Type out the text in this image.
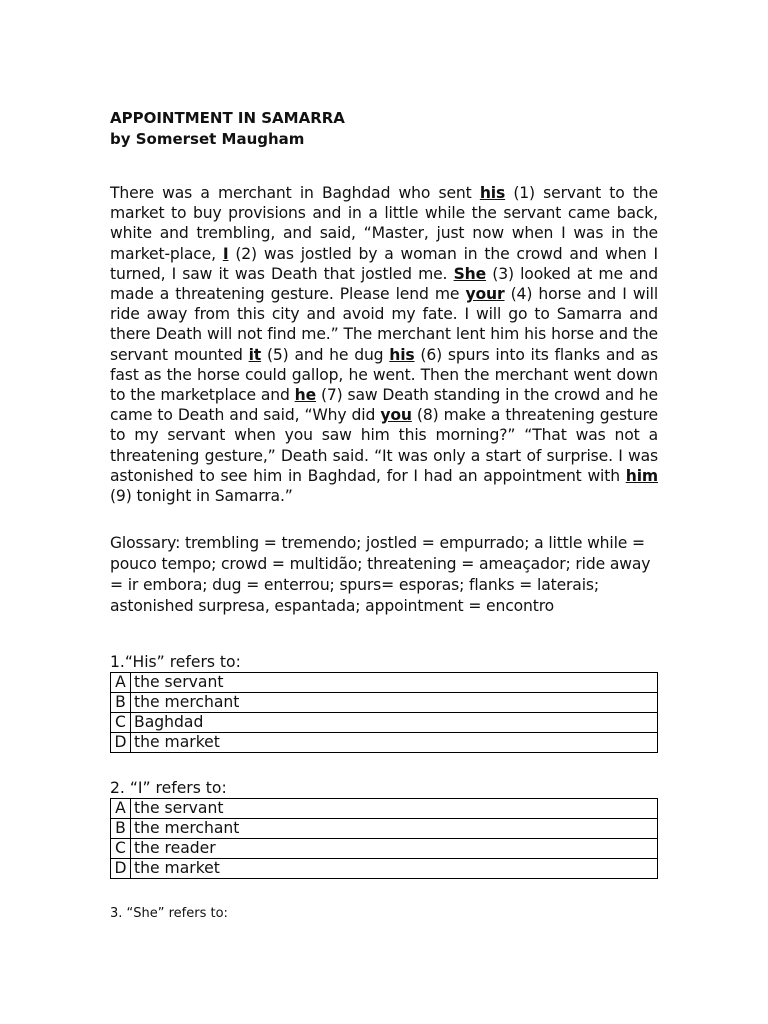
APPOINTMENT IN SAMARRA
by Somerset Maugham

There was a merchant in Baghdad who sent his (1) servant to the market to buy provisions and in a little while the servant came back, white and trembling, and said, “Master, just now when I was in the market-place, I (2) was jostled by a woman in the crowd and when I turned, I saw it was Death that jostled me. She (3) looked at me and made a threatening gesture. Please lend me your (4) horse and I will ride away from this city and avoid my fate. I will go to Samarra and there Death will not find me.” The merchant lent him his horse and the servant mounted it (5) and he dug his (6) spurs into its flanks and as fast as the horse could gallop, he went. Then the merchant went down to the marketplace and he (7) saw Death standing in the crowd and he came to Death and said, “Why did you (8) make a threatening gesture to my servant when you saw him this morning?” “That was not a threatening gesture,” Death said. “It was only a start of surprise. I was astonished to see him in Baghdad, for I had an appointment with him (9) tonight in Samarra.”

Glossary: trembling = tremendo; jostled = empurrado; a little while = pouco tempo; crowd = multidão; threatening = ameaçador; ride away = ir embora; dug = enterrou; spurs= esporas; flanks = laterais; astonished surpresa, espantada; appointment = encontro

1.“His” refers to:

A	the servant
B	the merchant
C	Baghdad
D	the market

2. “I” refers to:

A	the servant
B	the merchant
C	the reader
D	the market

3. “She” refers to:
